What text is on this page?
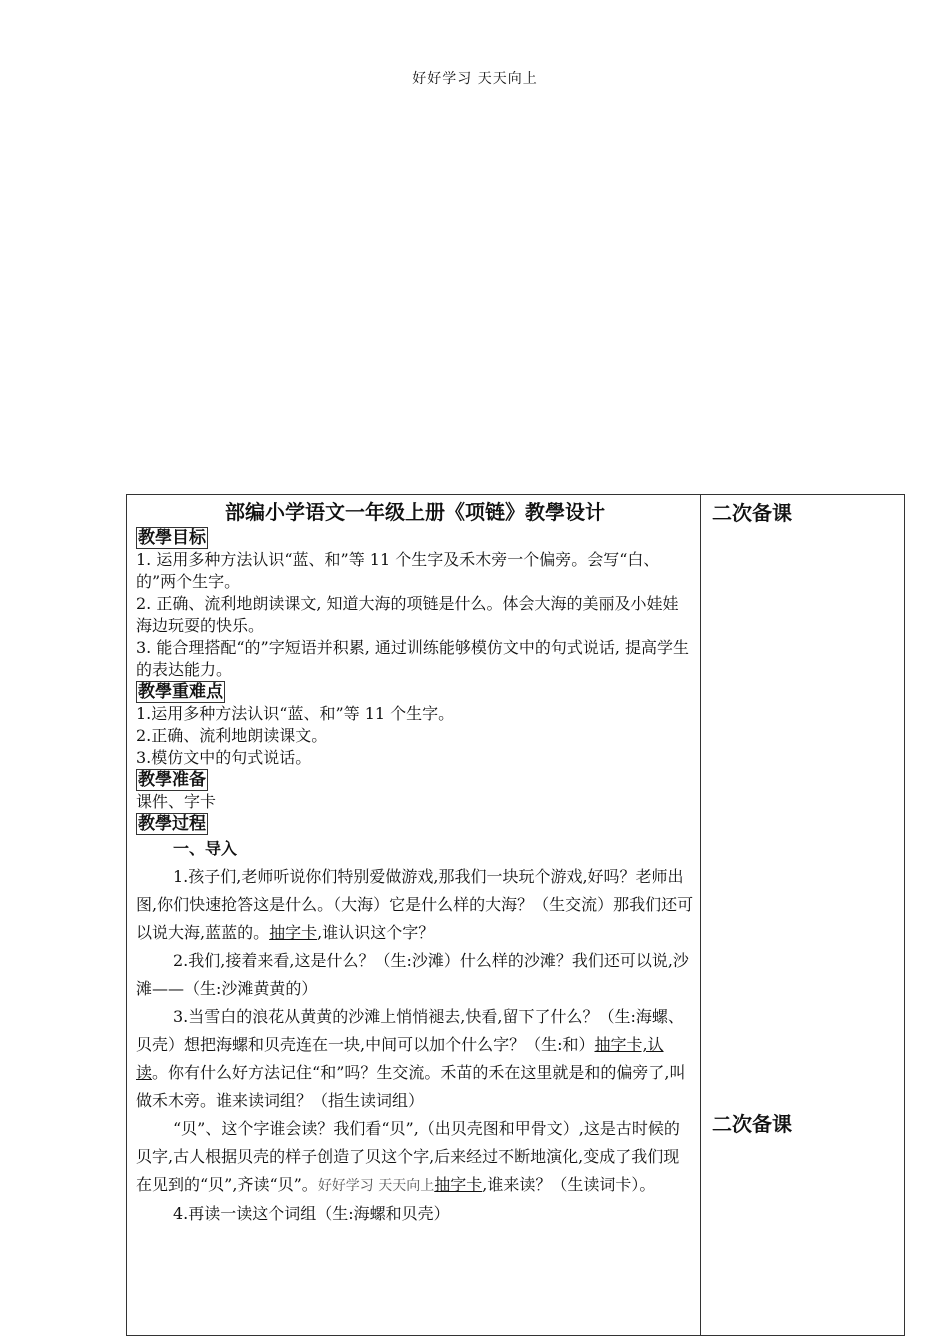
好好学习 天天向上
二次备课
二次备课
部编小学语文一年级上册《项链》教學设计
教學目标
1. 运用多种方法认识“蓝、和”等 11 个生字及禾木旁一个偏旁。会写“白、的”两个生字。
2. 正确、流利地朗读课文, 知道大海的项链是什么。体会大海的美丽及小娃娃海边玩耍的快乐。
3. 能合理搭配“的”字短语并积累, 通过训练能够模仿文中的句式说话, 提高学生的表达能力。
教學重难点
1.运用多种方法认识“蓝、和”等 11 个生字。
2.正确、流利地朗读课文。
3.模仿文中的句式说话。
教學准备
课件、字卡
教學过程
一、导入
1.孩子们,老师听说你们特别爱做游戏,那我们一块玩个游戏,好吗？老师出图,你们快速抢答这是什么。（大海）它是什么样的大海？（生交流）那我们还可以说大海,蓝蓝的。抽字卡,谁认识这个字？
2.我们,接着来看,这是什么？（生:沙滩）什么样的沙滩？我们还可以说,沙滩——（生:沙滩黄黄的）
3.当雪白的浪花从黄黄的沙滩上悄悄褪去,快看,留下了什么？（生:海螺、贝壳）想把海螺和贝壳连在一块,中间可以加个什么字？（生:和）抽字卡,认读。你有什么好方法记住“和”吗？生交流。禾苗的禾在这里就是和的偏旁了,叫做禾木旁。谁来读词组？（指生读词组）
“贝”、这个字谁会读？我们看“贝”,（出贝壳图和甲骨文）,这是古时候的贝字,古人根据贝壳的样子创造了贝这个字,后来经过不断地演化,变成了我们现在见到的“贝”,齐读“贝”。好好学习 天天向上抽字卡,谁来读？（生读词卡）。
4.再读一读这个词组（生:海螺和贝壳）
